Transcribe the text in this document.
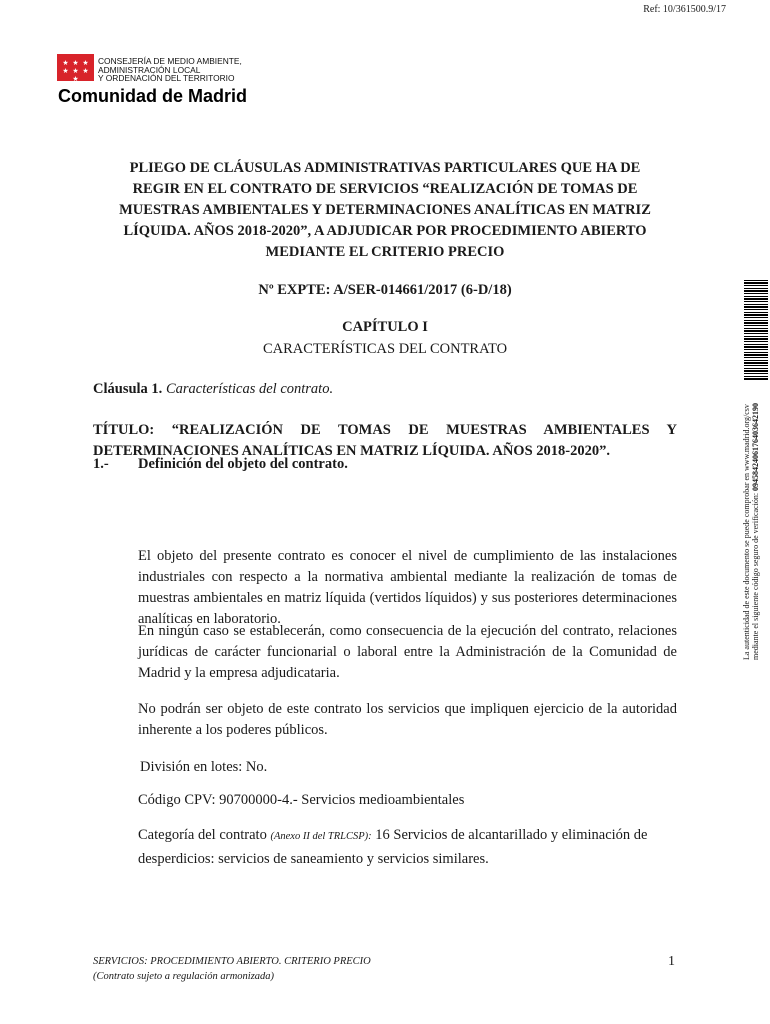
Ref: 10/361500.9/17
★ ★ ★ ★ ★ ★ ★
CONSEJERÍA DE MEDIO AMBIENTE,
ADMINISTRACIÓN LOCAL
Y ORDENACIÓN DEL TERRITORIO
Comunidad de Madrid
PLIEGO DE CLÁUSULAS ADMINISTRATIVAS PARTICULARES QUE HA DE
REGIR EN EL CONTRATO DE SERVICIOS “REALIZACIÓN DE TOMAS DE
MUESTRAS AMBIENTALES Y DETERMINACIONES ANALÍTICAS EN MATRIZ
LÍQUIDA. AÑOS 2018-2020”, A ADJUDICAR POR PROCEDIMIENTO ABIERTO
MEDIANTE EL CRITERIO PRECIO
Nº EXPTE: A/SER-014661/2017 (6-D/18)
CAPÍTULO I
CARACTERÍSTICAS DEL CONTRATO
Cláusula 1. Características del contrato.
TÍTULO: “REALIZACIÓN DE TOMAS DE MUESTRAS AMBIENTALES Y
DETERMINACIONES ANALÍTICAS EN MATRIZ LÍQUIDA. AÑOS 2018-2020”.
1.- Definición del objeto del contrato.
El objeto del presente contrato es conocer el nivel de cumplimiento de las instalaciones industriales con respecto a la normativa ambiental mediante la realización de tomas de muestras ambientales en matriz líquida (vertidos líquidos) y sus posteriores determinaciones analíticas en laboratorio.
En ningún caso se establecerán, como consecuencia de la ejecución del contrato, relaciones jurídicas de carácter funcionarial o laboral entre la Administración de la Comunidad de Madrid y la empresa adjudicataria.
No podrán ser objeto de este contrato los servicios que impliquen ejercicio de la autoridad inherente a los poderes públicos.
División en lotes: No.
Código CPV: 90700000-4.- Servicios medioambientales
Categoría del contrato (Anexo II del TRLCSP): 16 Servicios de alcantarillado y eliminación de desperdicios: servicios de saneamiento y servicios similares.
SERVICIOS: PROCEDIMIENTO ABIERTO. CRITERIO PRECIO
(Contrato sujeto a regulación armonizada)
1
La autenticidad de este documento se puede comprobar en www.madrid.org/csv
mediante el siguiente código seguro de verificación: 0945842406176403642190
